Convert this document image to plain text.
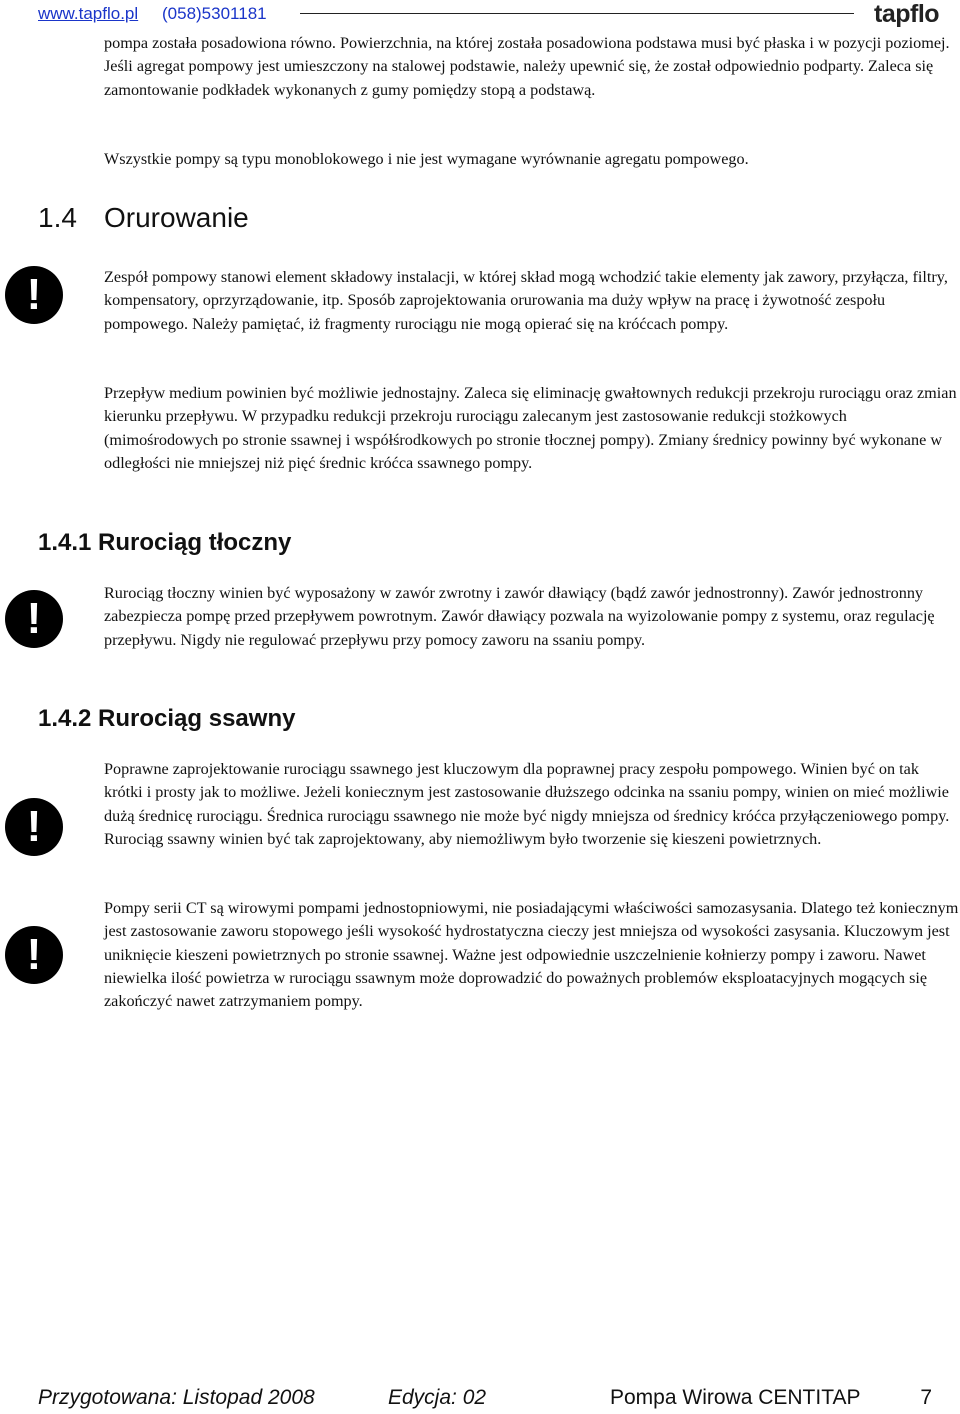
www.tapflo.pl (058)5301181	tapflo

pompa została posadowiona równo. Powierzchnia, na której została posadowiona podstawa musi być płaska i w pozycji poziomej. Jeśli agregat pompowy jest umieszczony na stalowej podstawie, należy upewnić się, że został odpowiednio podparty. Zaleca się zamontowanie podkładek wykonanych z gumy pomiędzy stopą a podstawą.

Wszystkie pompy są typu monoblokowego i nie jest wymagane wyrównanie agregatu pompowego.

1.4 Orurowanie
!	Zespół pompowy stanowi element składowy instalacji, w której skład mogą wchodzić takie elementy jak zawory, przyłącza, filtry, kompensatory, oprzyrządowanie, itp. Sposób zaprojektowania orurowania ma duży wpływ na pracę i żywotność zespołu pompowego. Należy pamiętać, iż fragmenty rurociągu nie mogą opierać się na króćcach pompy.

Przepływ medium powinien być możliwie jednostajny. Zaleca się eliminację gwałtownych redukcji przekroju rurociągu oraz zmian kierunku przepływu. W przypadku redukcji przekroju rurociągu zalecanym jest zastosowanie redukcji stożkowych (mimośrodowych po stronie ssawnej i współśrodkowych po stronie tłocznej pompy). Zmiany średnicy powinny być wykonane w odległości nie mniejszej niż pięć średnic króćca ssawnego pompy.

1.4.1 Rurociąg tłoczny
!

Rurociąg tłoczny winien być wyposażony w zawór zwrotny i zawór dławiący (bądź zawór jednostronny). Zawór jednostronny zabezpiecza pompę przed przepływem powrotnym. Zawór dławiący pozwala na wyizolowanie pompy z systemu, oraz regulację przepływu. Nigdy nie regulować przepływu przy pomocy zaworu na ssaniu pompy.

1.4.2 Rurociąg ssawny
!

Poprawne zaprojektowanie rurociągu ssawnego jest kluczowym dla poprawnej pracy zespołu pompowego. Winien być on tak krótki i prosty jak to możliwe. Jeżeli koniecznym jest zastosowanie dłuższego odcinka na ssaniu pompy, winien on mieć możliwie dużą średnicę rurociągu. Średnica rurociągu ssawnego nie może być nigdy mniejsza od średnicy króćca przyłączeniowego pompy. Rurociąg ssawny winien być tak zaprojektowany, aby niemożliwym było tworzenie się kieszeni powietrznych.

!

Pompy serii CT są wirowymi pompami jednostopniowymi, nie posiadającymi właściwości samozasysania. Dlatego też koniecznym jest zastosowanie zaworu stopowego jeśli wysokość hydrostatyczna cieczy jest mniejsza od wysokości zasysania. Kluczowym jest uniknięcie kieszeni powietrznych po stronie ssawnej. Ważne jest odpowiednie uszczelnienie kołnierzy pompy i zaworu. Nawet niewielka ilość powietrza w rurociągu ssawnym może doprowadzić do poważnych problemów eksploatacyjnych mogących się zakończyć nawet zatrzymaniem pompy.

Przygotowana: Listopad 2008	Edycja: 02	Pompa Wirowa CENTITAP	7
